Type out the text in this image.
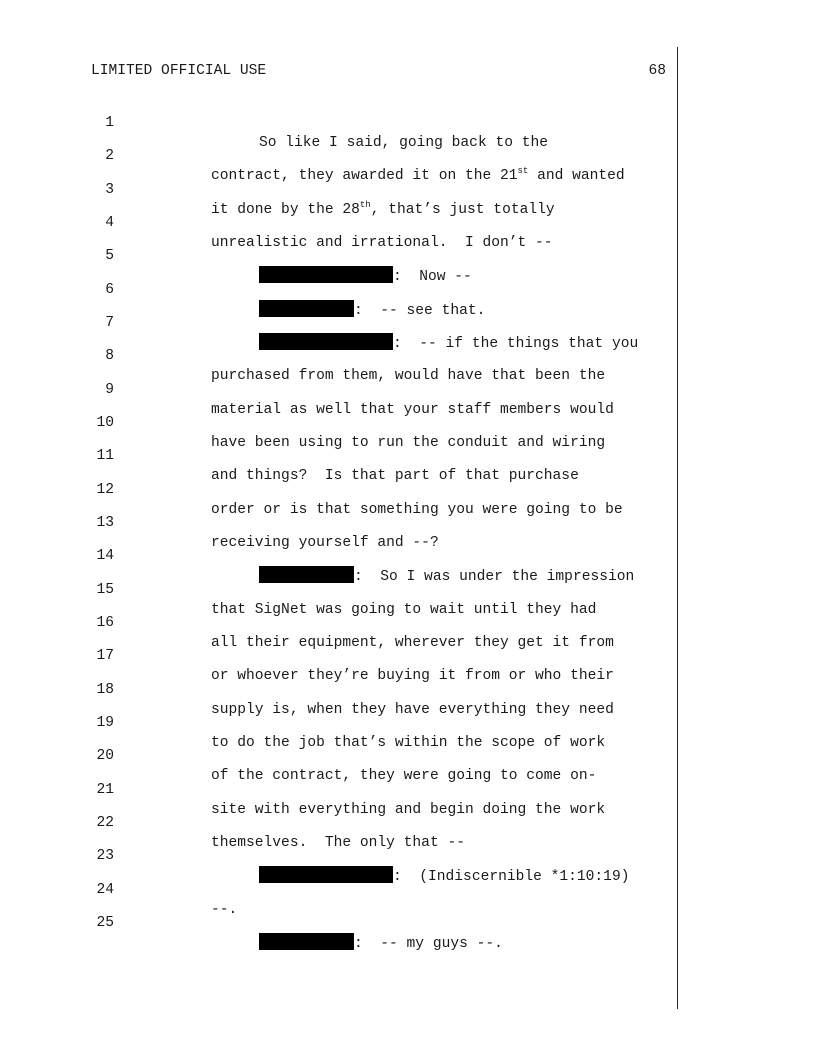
LIMITED OFFICIAL USE	68

1

So like I said, going back to the

2

contract, they awarded it on the 21st and wanted

3

it done by the 28th, that’s just totally

4

unrealistic and irrational.  I don’t --

5

:  Now --

6

:  -- see that.

7

:  -- if the things that you

8

purchased from them, would have that been the

9

material as well that your staff members would

10

have been using to run the conduit and wiring

11

and things?  Is that part of that purchase

12

order or is that something you were going to be

13

receiving yourself and --?

14

:  So I was under the impression

15

that SigNet was going to wait until they had

16

all their equipment, wherever they get it from

17

or whoever they’re buying it from or who their

18

supply is, when they have everything they need

19

to do the job that’s within the scope of work

20

of the contract, they were going to come on-

21

site with everything and begin doing the work

22

themselves.  The only that --

23

:  (Indiscernible *1:10:19)

24

--.

25

:  -- my guys --.
